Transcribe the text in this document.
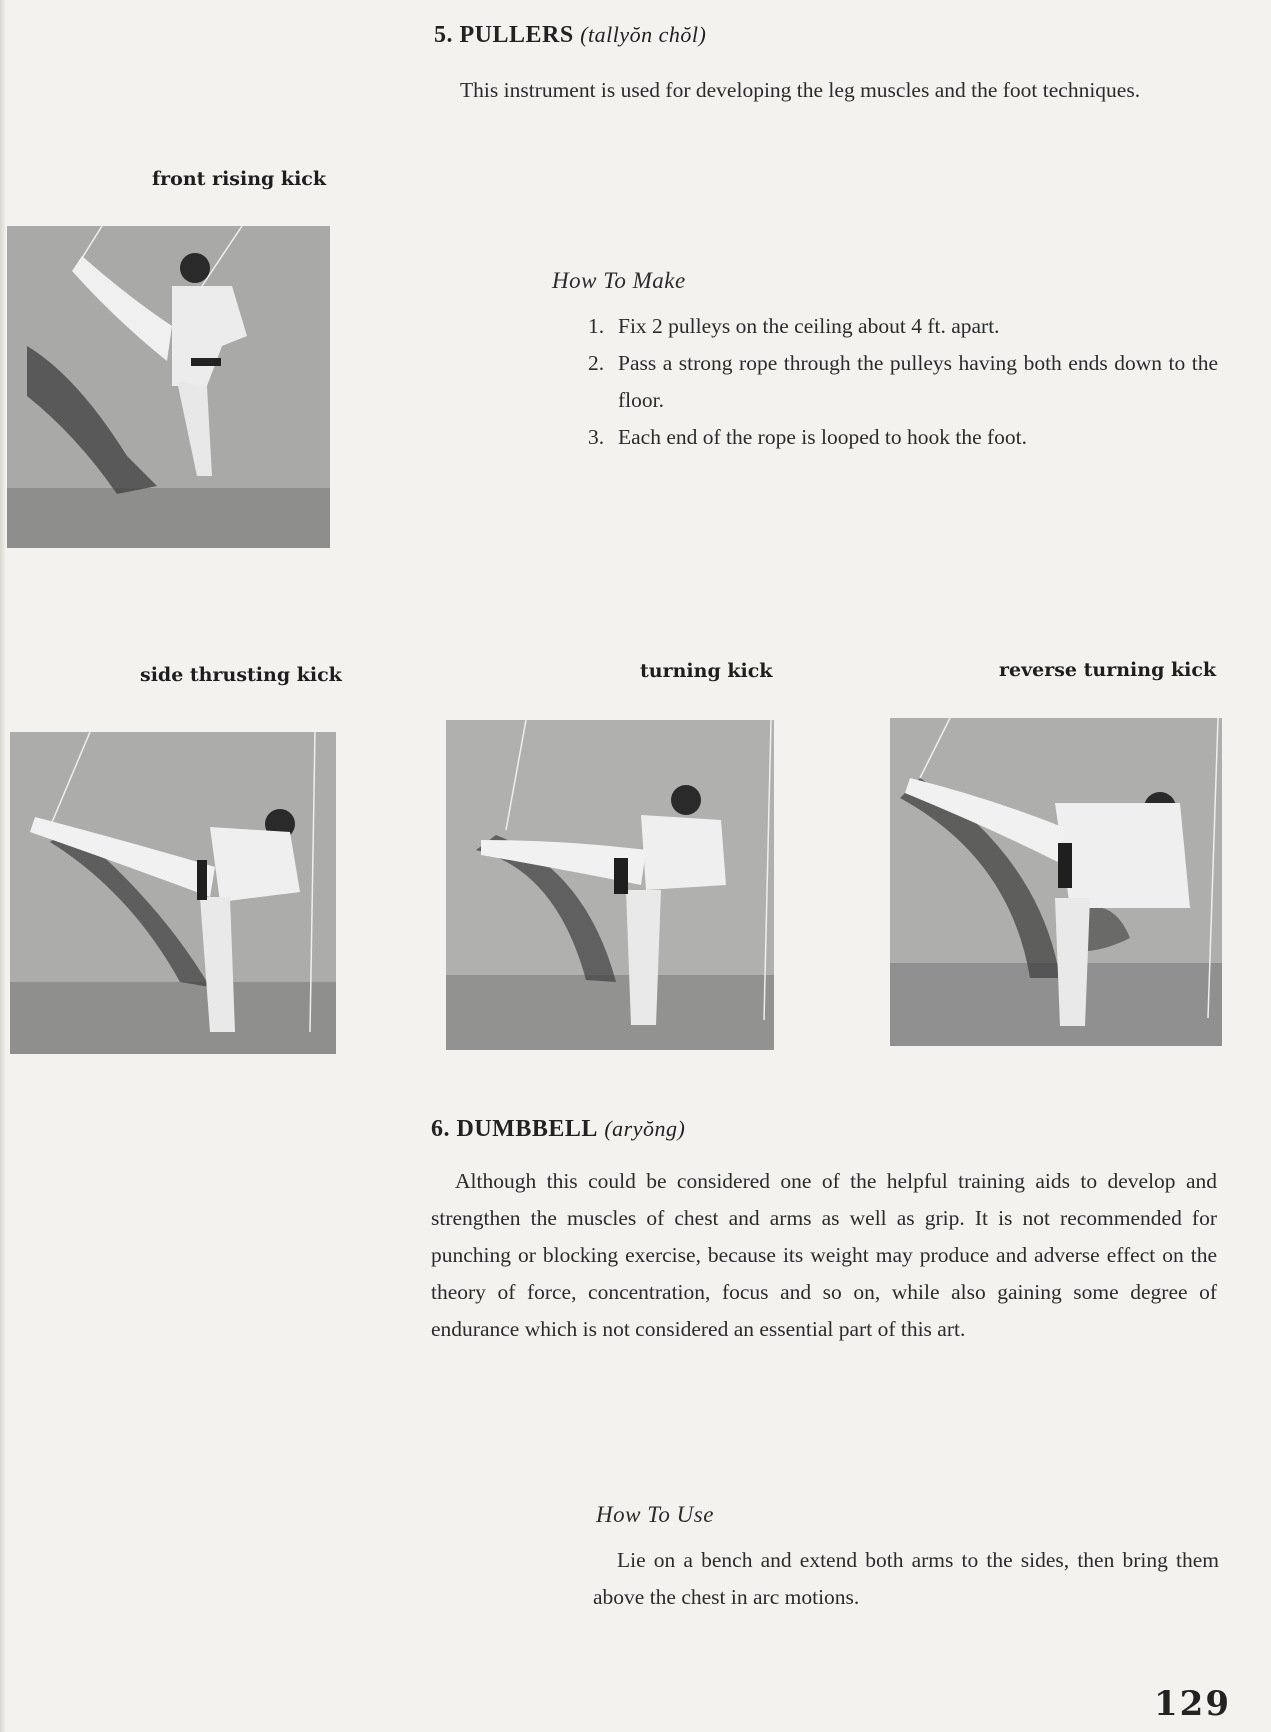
5. PULLERS (tallyŏn chŏl)
This instrument is used for developing the leg muscles and the foot techniques.
front rising kick
How To Make
1. Fix 2 pulleys on the ceiling about 4 ft. apart.
2. Pass a strong rope through the pulleys having both ends down to the floor.
3. Each end of the rope is looped to hook the foot.
side thrusting kick	turning kick	reverse turning kick
6. DUMBBELL (aryŏng)
Although this could be considered one of the helpful training aids to develop and strengthen the muscles of chest and arms as well as grip. It is not recommended for punching or blocking exercise, because its weight may produce and adverse effect on the theory of force, concentration, focus and so on, while also gaining some degree of endurance which is not considered an essential part of this art.
How To Use
Lie on a bench and extend both arms to the sides, then bring them above the chest in arc motions.
129
